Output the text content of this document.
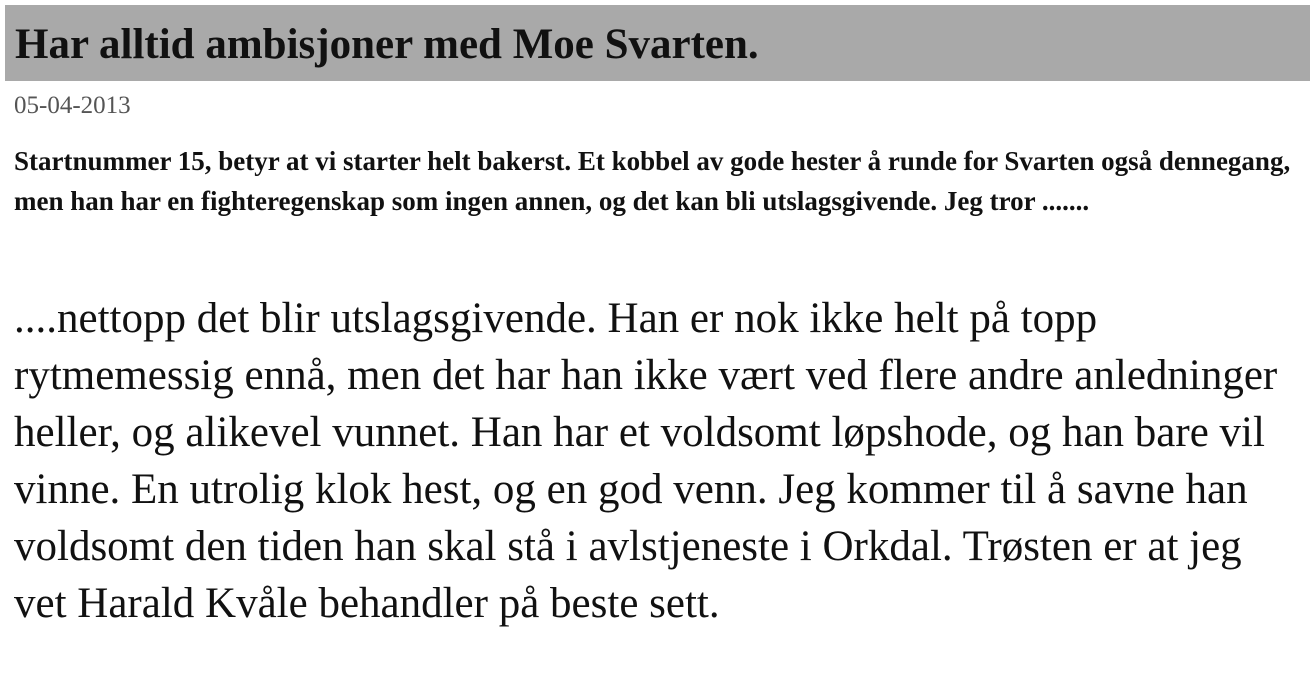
Har alltid ambisjoner med Moe Svarten.
05-04-2013

Startnummer 15, betyr at vi starter helt bakerst. Et kobbel av gode hester å runde for Svarten også dennegang, men han har en fighteregenskap som ingen annen, og det kan bli utslagsgivende. Jeg tror .......

....nettopp det blir utslagsgivende. Han er nok ikke helt på topp rytmemessig ennå, men det har han ikke vært ved flere andre anledninger heller, og alikevel vunnet. Han har et voldsomt løpshode, og han bare vil vinne. En utrolig klok hest, og en god venn. Jeg kommer til å savne han voldsomt den tiden han skal stå i avlstjeneste i Orkdal. Trøsten er at jeg vet Harald Kvåle behandler på beste sett.
